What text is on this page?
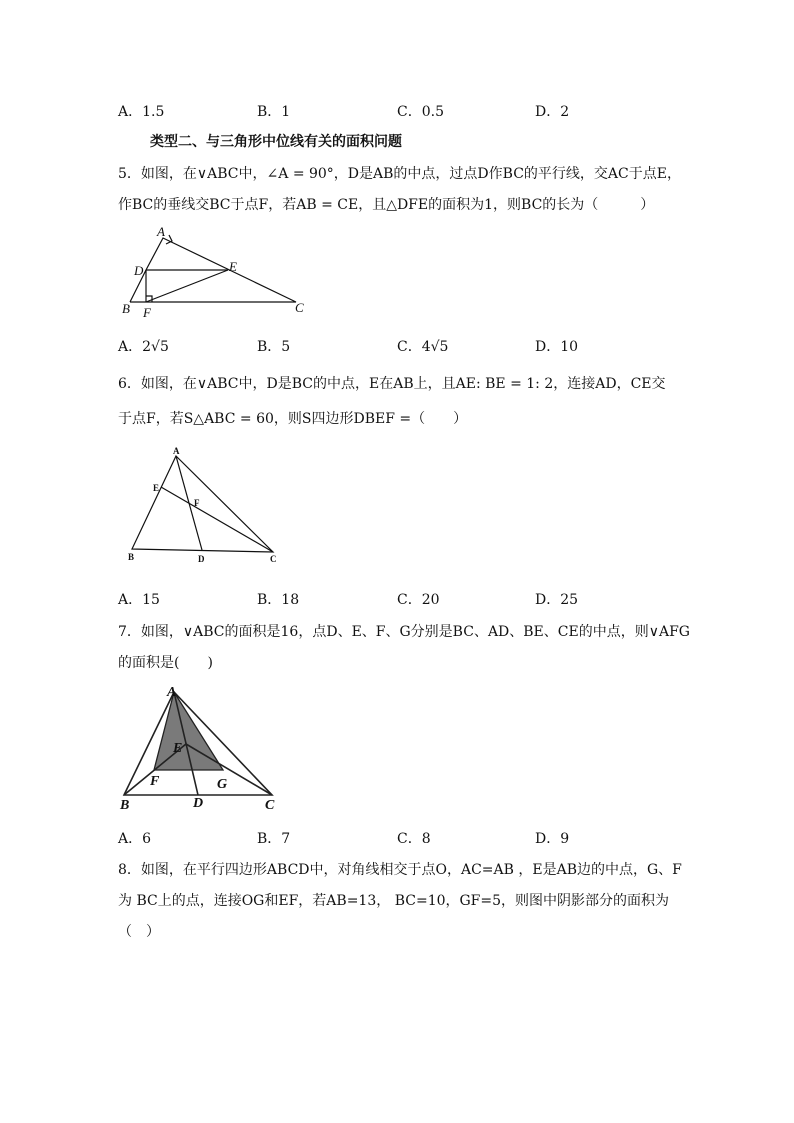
A．1.5	B．1	C．0.5	D．2
类型二、与三角形中位线有关的面积问题
5．如图，在∨ABC中，∠A = 90°，D是AB的中点，过点D作BC的平行线，交AC于点E，
作BC的垂线交BC于点F，若AB = CE，且△DFE的面积为1，则BC的长为（　　　）
A
D	E
B F	C
A．2√5	B．5	C．4√5	D．10
6．如图，在∨ABC中，D是BC的中点，E在AB上，且AE: BE = 1: 2，连接AD，CE交
于点F，若S△ABC = 60，则S四边形DBEF =（　　）
A
E
F
B	D	C
A．15	B．18	C．20	D．25
7．如图，∨ABC的面积是16，点D、E、F、G分别是BC、AD、BE、CE的中点，则∨AFG
的面积是(　　)
A
E
F	G
B	D	C
A．6	B．7	C．8	D．9
8．如图，在平行四边形ABCD中，对角线相交于点O，AC=AB ，E是AB边的中点，G、F
为 BC上的点，连接OG和EF，若AB=13， BC=10，GF=5，则图中阴影部分的面积为
（　）
